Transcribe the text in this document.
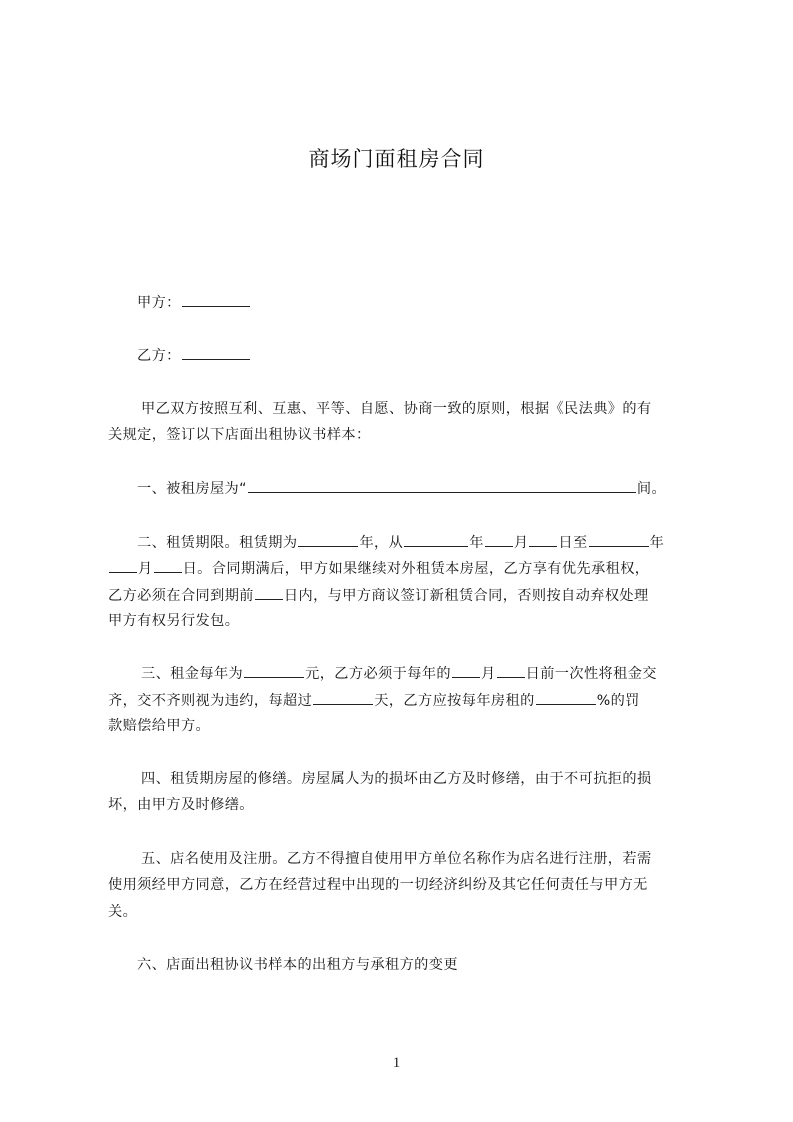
商场门面租房合同
甲方：
乙方：
甲乙双方按照互利、互惠、平等、自愿、协商一致的原则，根据《民法典》的有
关规定，签订以下店面出租协议书样本：
一、被租房屋为“	间。
二、租赁期限。租赁期为	年，从	年 月 日至	年
月 日。合同期满后，甲方如果继续对外租赁本房屋，乙方享有优先承租权，
乙方必须在合同到期前 日内，与甲方商议签订新租赁合同，否则按自动弃权处理
甲方有权另行发包。
三、租金每年为	元，乙方必须于每年的 月 日前一次性将租金交
齐，交不齐则视为违约，每超过	天，乙方应按每年房租的	%的罚
款赔偿给甲方。
四、租赁期房屋的修缮。房屋属人为的损坏由乙方及时修缮，由于不可抗拒的损
坏，由甲方及时修缮。
五、店名使用及注册。乙方不得擅自使用甲方单位名称作为店名进行注册，若需
使用须经甲方同意，乙方在经营过程中出现的一切经济纠纷及其它任何责任与甲方无
关。
六、店面出租协议书样本的出租方与承租方的变更
1
